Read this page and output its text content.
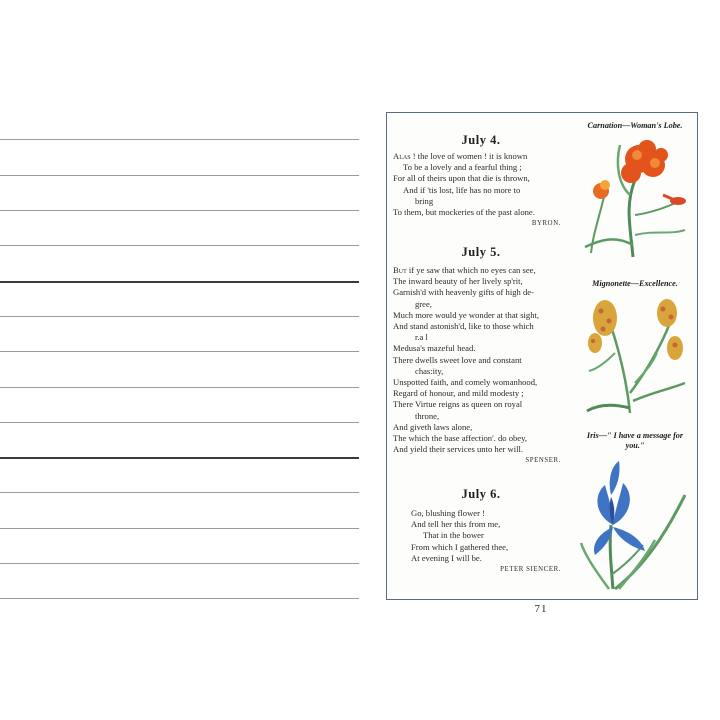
July 4.
Alas ! the love of women ! it is known
To be a lovely and a fearful thing ;
For all of theirs upon that die is thrown,
And if 'tis lost, life has no more to
bring
To them, but mockeries of the past alone.
BYRON.
July 5.
But if ye saw that which no eyes can see,
The inward beauty of her lively sp'rit,
Garnish'd with heavenly gifts of high de-
gree,
Much more would ye wonder at that sight,
And stand astonish'd, like to those which
r.a l
Medusa's mazeful head.
There dwells sweet love and constant
chas:ity,
Unspotted faith, and comely womanhood,
Regard of honour, and mild modesty ;
There Virtue reigns as queen on royal
throne,
And giveth laws alone,
The which the base affection'. do obey,
And yield their services unto her will.
SPENSER.
July 6.
Go, blushing flower !
And tell her this from me,
That in the bower
From which I gathered thee,
At evening I will be.
PETER SIENCER.
Carnation—Woman's Lobe.
Mignonette—Excellence.
Iris—" I have a message for you."
71
